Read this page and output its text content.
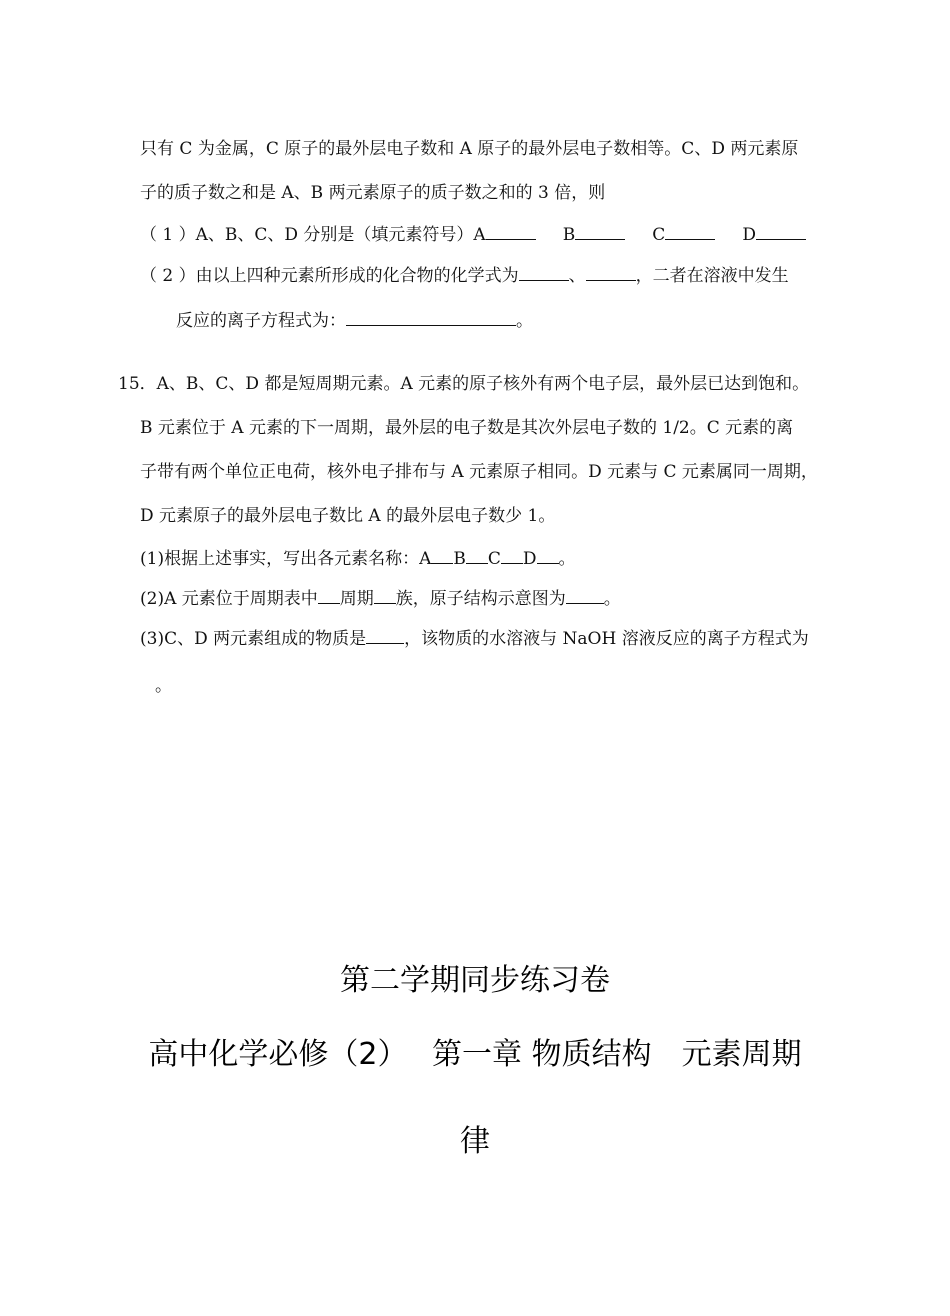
只有 C 为金属，C 原子的最外层电子数和 A 原子的最外层电子数相等。C、D 两元素原
子的质子数之和是 A、B 两元素原子的质子数之和的 3 倍，则
（ 1 ）A、B、C、D 分别是（填元素符号）A	B	C	D
（ 2 ）由以上四种元素所形成的化合物的化学式为	、	，二者在溶液中发生
反应的离子方程式为：	。
15．A、B、C、D 都是短周期元素。A 元素的原子核外有两个电子层，最外层已达到饱和。
B 元素位于 A 元素的下一周期，最外层的电子数是其次外层电子数的 1/2。C 元素的离
子带有两个单位正电荷，核外电子排布与 A 元素原子相同。D 元素与 C 元素属同一周期，
D 元素原子的最外层电子数比 A 的最外层电子数少 1。
(1)根据上述事实，写出各元素名称：A B C D 。
(2)A 元素位于周期表中 周期 族，原子结构示意图为 。
(3)C、D 两元素组成的物质是 ，该物质的水溶液与 NaOH 溶液反应的离子方程式为
。
第二学期同步练习卷
高中化学必修（2）　 第一章 物质结构　元素周期
律
